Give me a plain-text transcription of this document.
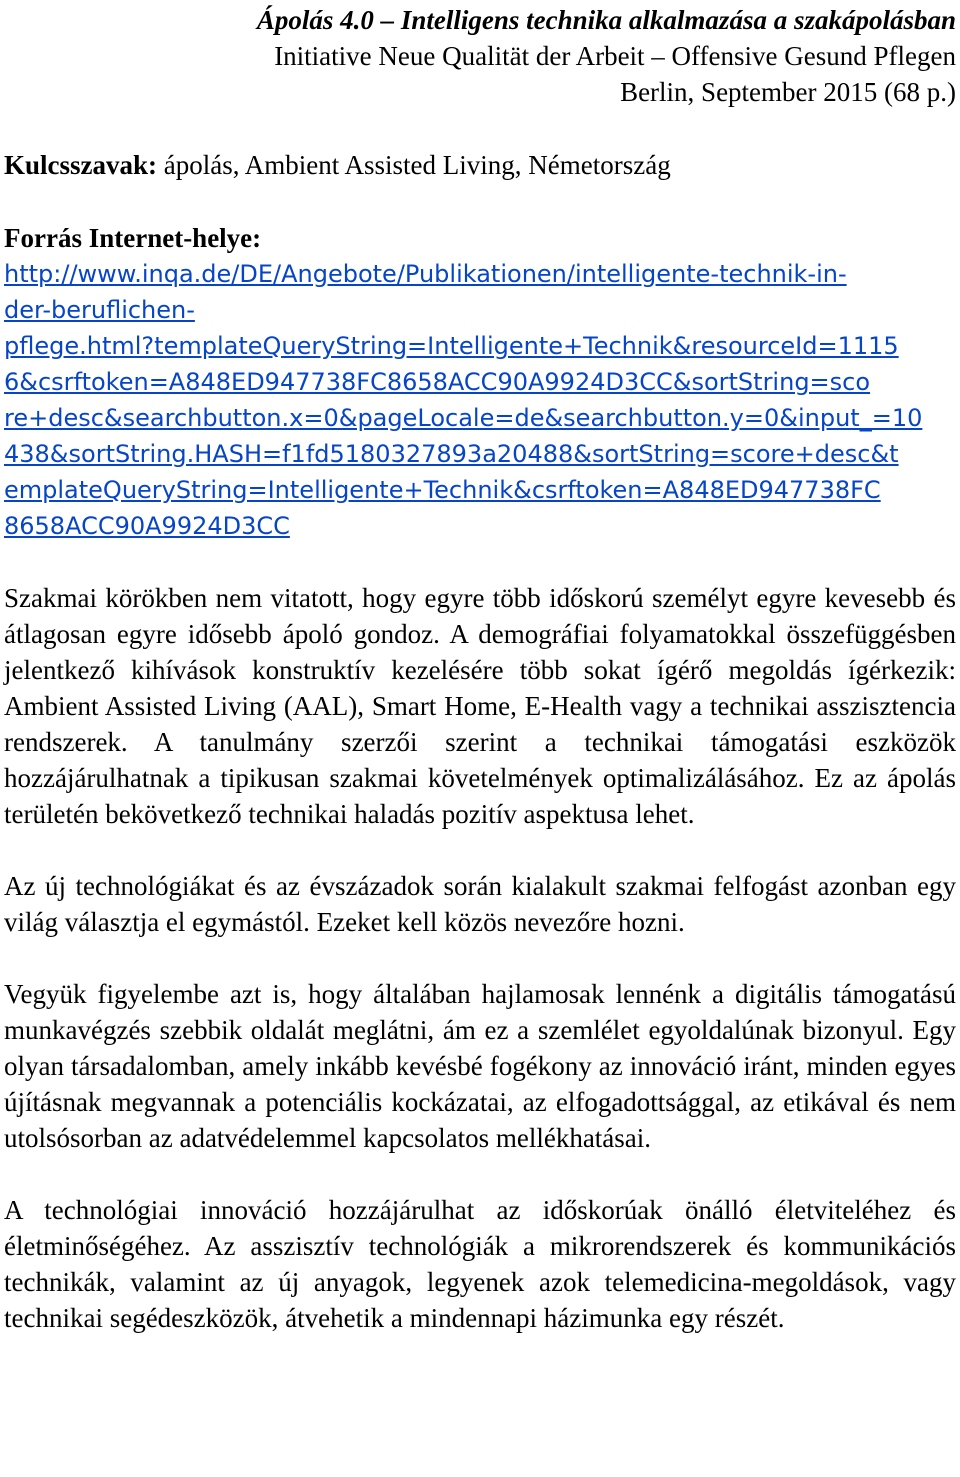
Ápolás 4.0 – Intelligens technika alkalmazása a szakápolásban
Initiative Neue Qualität der Arbeit – Offensive Gesund Pflegen
Berlin, September 2015 (68 p.)
Kulcsszavak: ápolás, Ambient Assisted Living, Németország
Forrás Internet-helye:
http://www.inqa.de/DE/Angebote/Publikationen/intelligente-technik-in-
der-beruflichen-
pflege.html?templateQueryString=Intelligente+Technik&resourceId=1115
6&csrftoken=A848ED947738FC8658ACC90A9924D3CC&sortString=sco
re+desc&searchbutton.x=0&pageLocale=de&searchbutton.y=0&input_=10
438&sortString.HASH=f1fd5180327893a20488&sortString=score+desc&t
emplateQueryString=Intelligente+Technik&csrftoken=A848ED947738FC
8658ACC90A9924D3CC

Szakmai körökben nem vitatott, hogy egyre több időskorú személyt egyre kevesebb és átlagosan egyre idősebb ápoló gondoz. A demográfiai folyamatokkal összefüggésben jelentkező kihívások konstruktív kezelésére több sokat ígérő megoldás ígérkezik: Ambient Assisted Living (AAL), Smart Home, E-Health vagy a technikai asszisztencia rendszerek. A tanulmány szerzői szerint a technikai támogatási eszközök hozzájárulhatnak a tipikusan szakmai követelmények optimalizálásához. Ez az ápolás területén bekövetkező technikai haladás pozitív aspektusa lehet.

Az új technológiákat és az évszázadok során kialakult szakmai felfogást azonban egy világ választja el egymástól. Ezeket kell közös nevezőre hozni.

Vegyük figyelembe azt is, hogy általában hajlamosak lennénk a digitális támogatású munkavégzés szebbik oldalát meglátni, ám ez a szemlélet egyoldalúnak bizonyul. Egy olyan társadalomban, amely inkább kevésbé fogékony az innováció iránt, minden egyes újításnak megvannak a potenciális kockázatai, az elfogadottsággal, az etikával és nem utolsósorban az adatvédelemmel kapcsolatos mellékhatásai.

A technológiai innováció hozzájárulhat az időskorúak önálló életviteléhez és életminőségéhez. Az asszisztív technológiák a mikrorendszerek és kommunikációs technikák, valamint az új anyagok, legyenek azok telemedicina-megoldások, vagy technikai segédeszközök, átvehetik a mindennapi házimunka egy részét.
